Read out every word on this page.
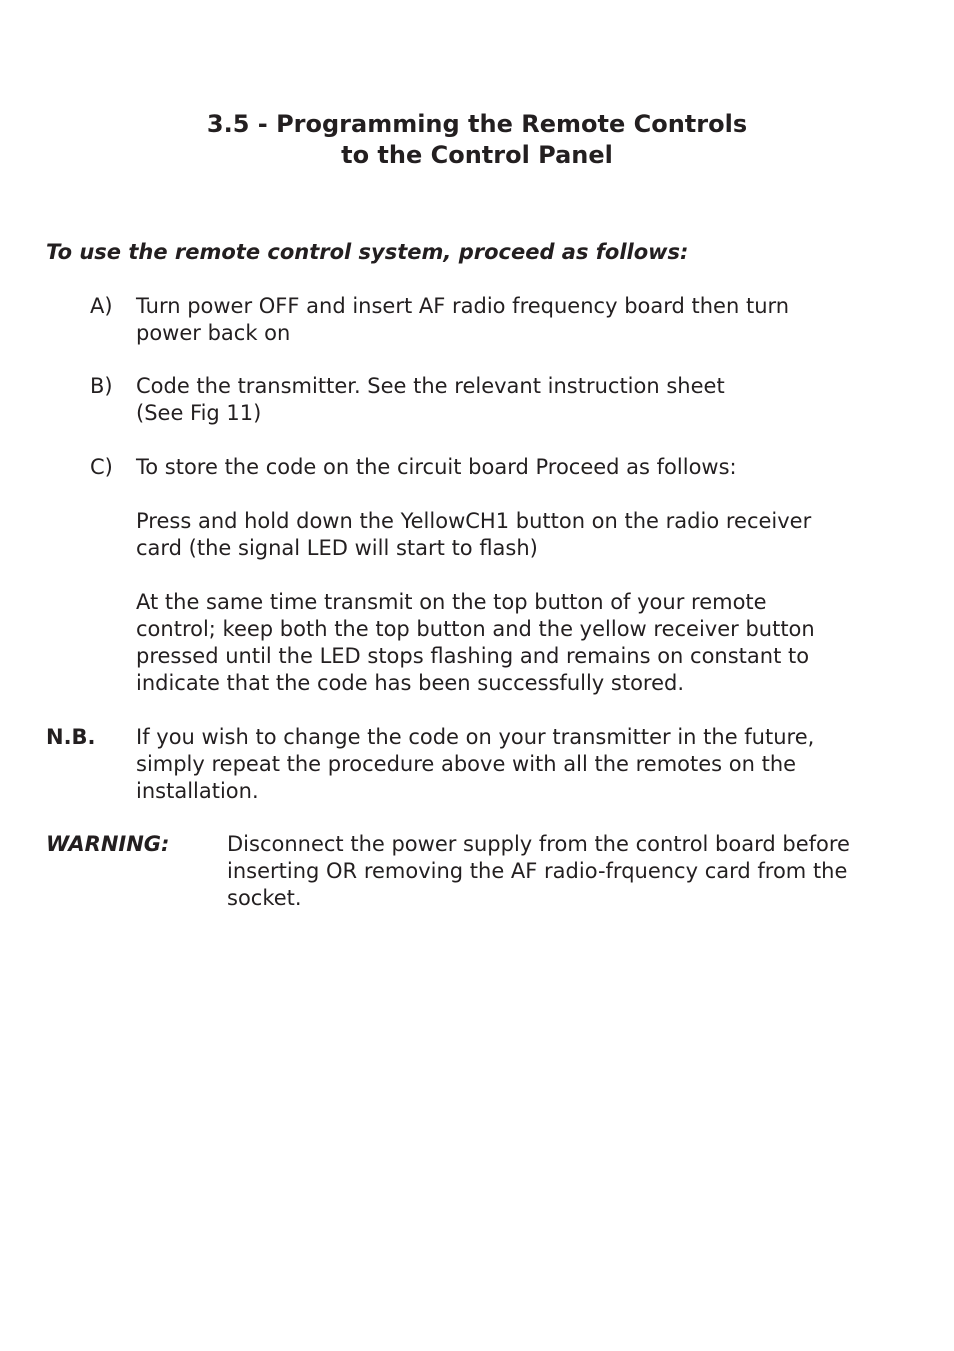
3.5 - Programming the Remote Controls
to the Control Panel

To use the remote control system, proceed as follows:

A) Turn power OFF and insert AF radio frequency board then turn
power back on

B) Code the transmitter. See the relevant instruction sheet
(See Fig 11)

C) To store the code on the circuit board Proceed as follows:

Press and hold down the YellowCH1 button on the radio receiver
card (the signal LED will start to flash)

At the same time transmit on the top button of your remote
control; keep both the top button and the yellow receiver button
pressed until the LED stops flashing and remains on constant to
indicate that the code has been successfully stored.

N.B. If you wish to change the code on your transmitter in the future,
simply repeat the procedure above with all the remotes on the
installation.

WARNING:	Disconnect the power supply from the control board before
inserting OR removing the AF radio-frquency card from the
socket.
